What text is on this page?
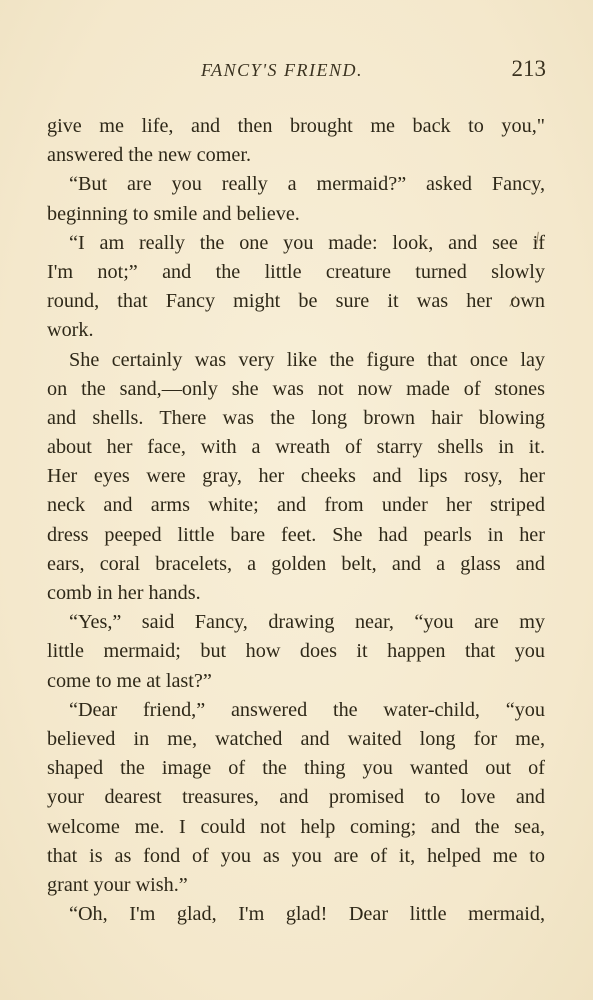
FANCY'S FRIEND.	213
give me life, and then brought me back to you,"
answered the new comer.
“But are you really a mermaid?” asked Fancy,
beginning to smile and believe.
“I am really the one you made: look, and see if
I'm not;” and the little creature turned slowly
round, that Fancy might be sure it was her own
work.
She certainly was very like the figure that once lay
on the sand,—only she was not now made of stones
and shells. There was the long brown hair blowing
about her face, with a wreath of starry shells in it.
Her eyes were gray, her cheeks and lips rosy, her
neck and arms white; and from under her striped
dress peeped little bare feet. She had pearls in her
ears, coral bracelets, a golden belt, and a glass and
comb in her hands.
“Yes,” said Fancy, drawing near, “you are my
little mermaid; but how does it happen that you
come to me at last?”
“Dear friend,” answered the water-child, “you
believed in me, watched and waited long for me,
shaped the image of the thing you wanted out of
your dearest treasures, and promised to love and
welcome me. I could not help coming; and the sea,
that is as fond of you as you are of it, helped me to
grant your wish.”
“Oh, I'm glad, I'm glad! Dear little mermaid,
